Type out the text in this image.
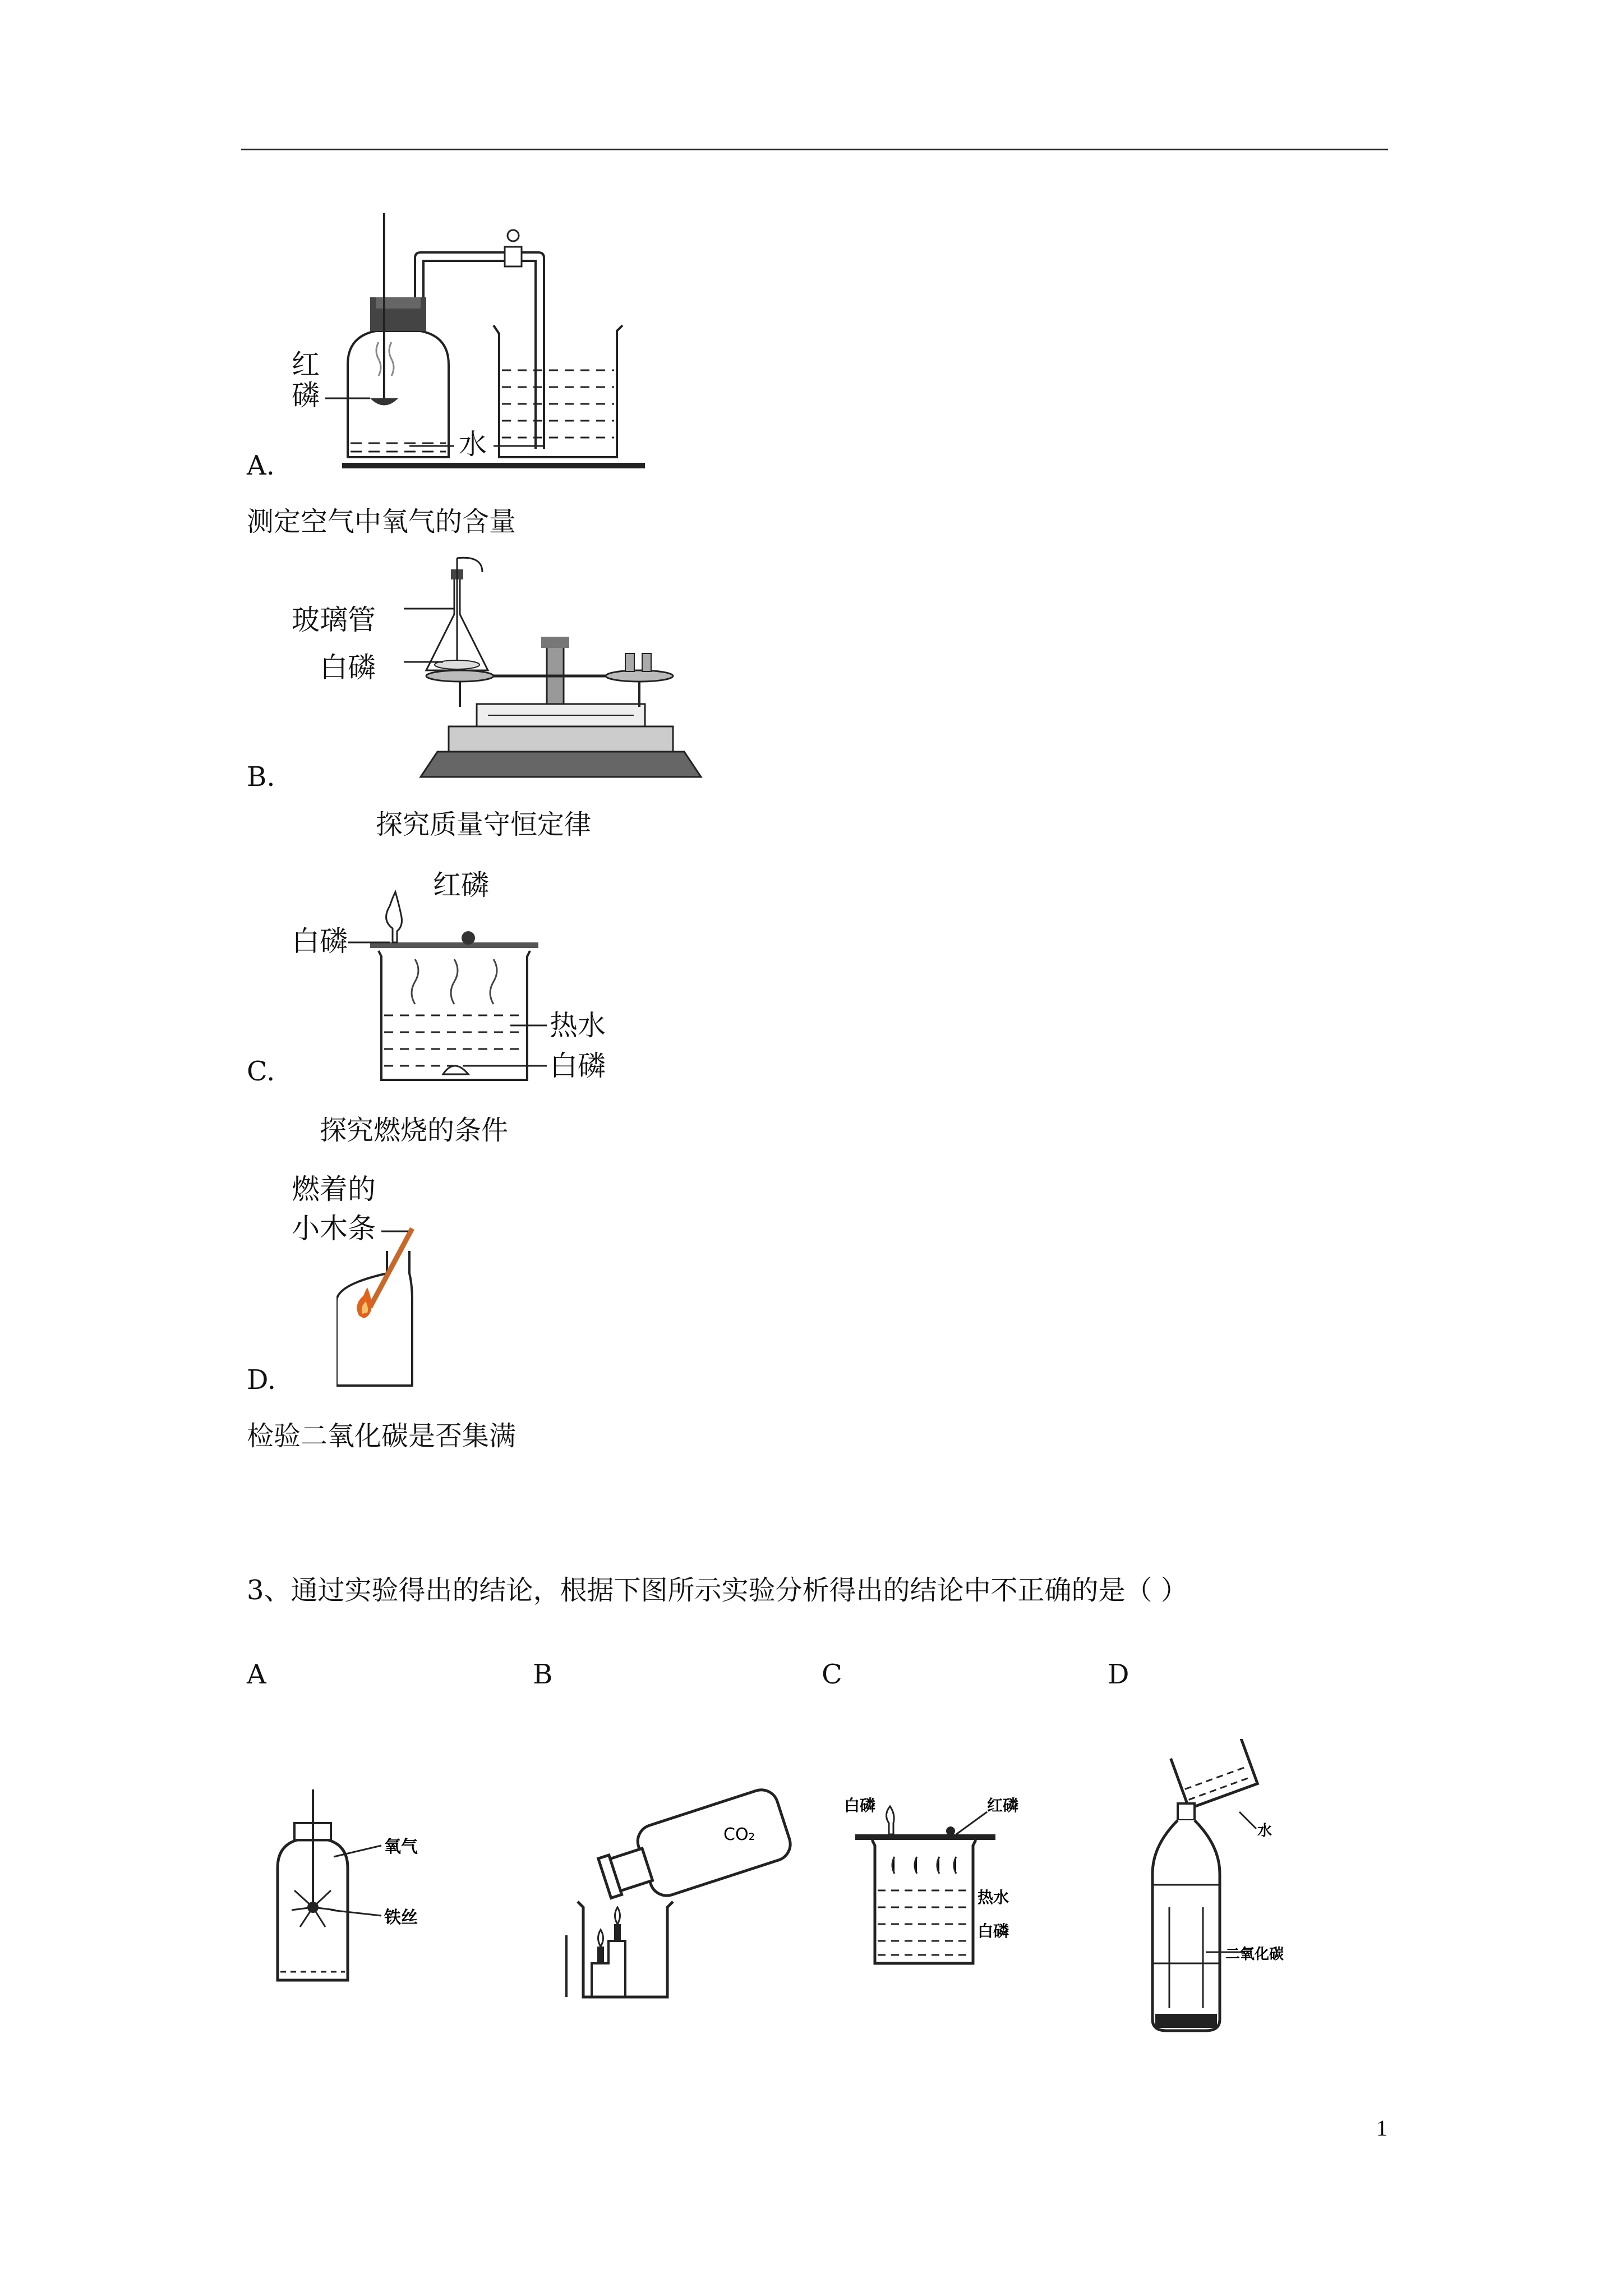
红
磷
水
A.
测定空气中氧气的含量
玻璃管
白磷
B.
探究质量守恒定律
红磷
白磷
热水
白磷
C.
探究燃烧的条件
燃着的
小木条
D.
检验二氧化碳是否集满
3、通过实验得出的结论，根据下图所示实验分析得出的结论中不正确的是（ ）
A	B	C	D
氧气
铁丝
CO₂
白磷	红磷
热水
白磷
水
二氧化碳
1
